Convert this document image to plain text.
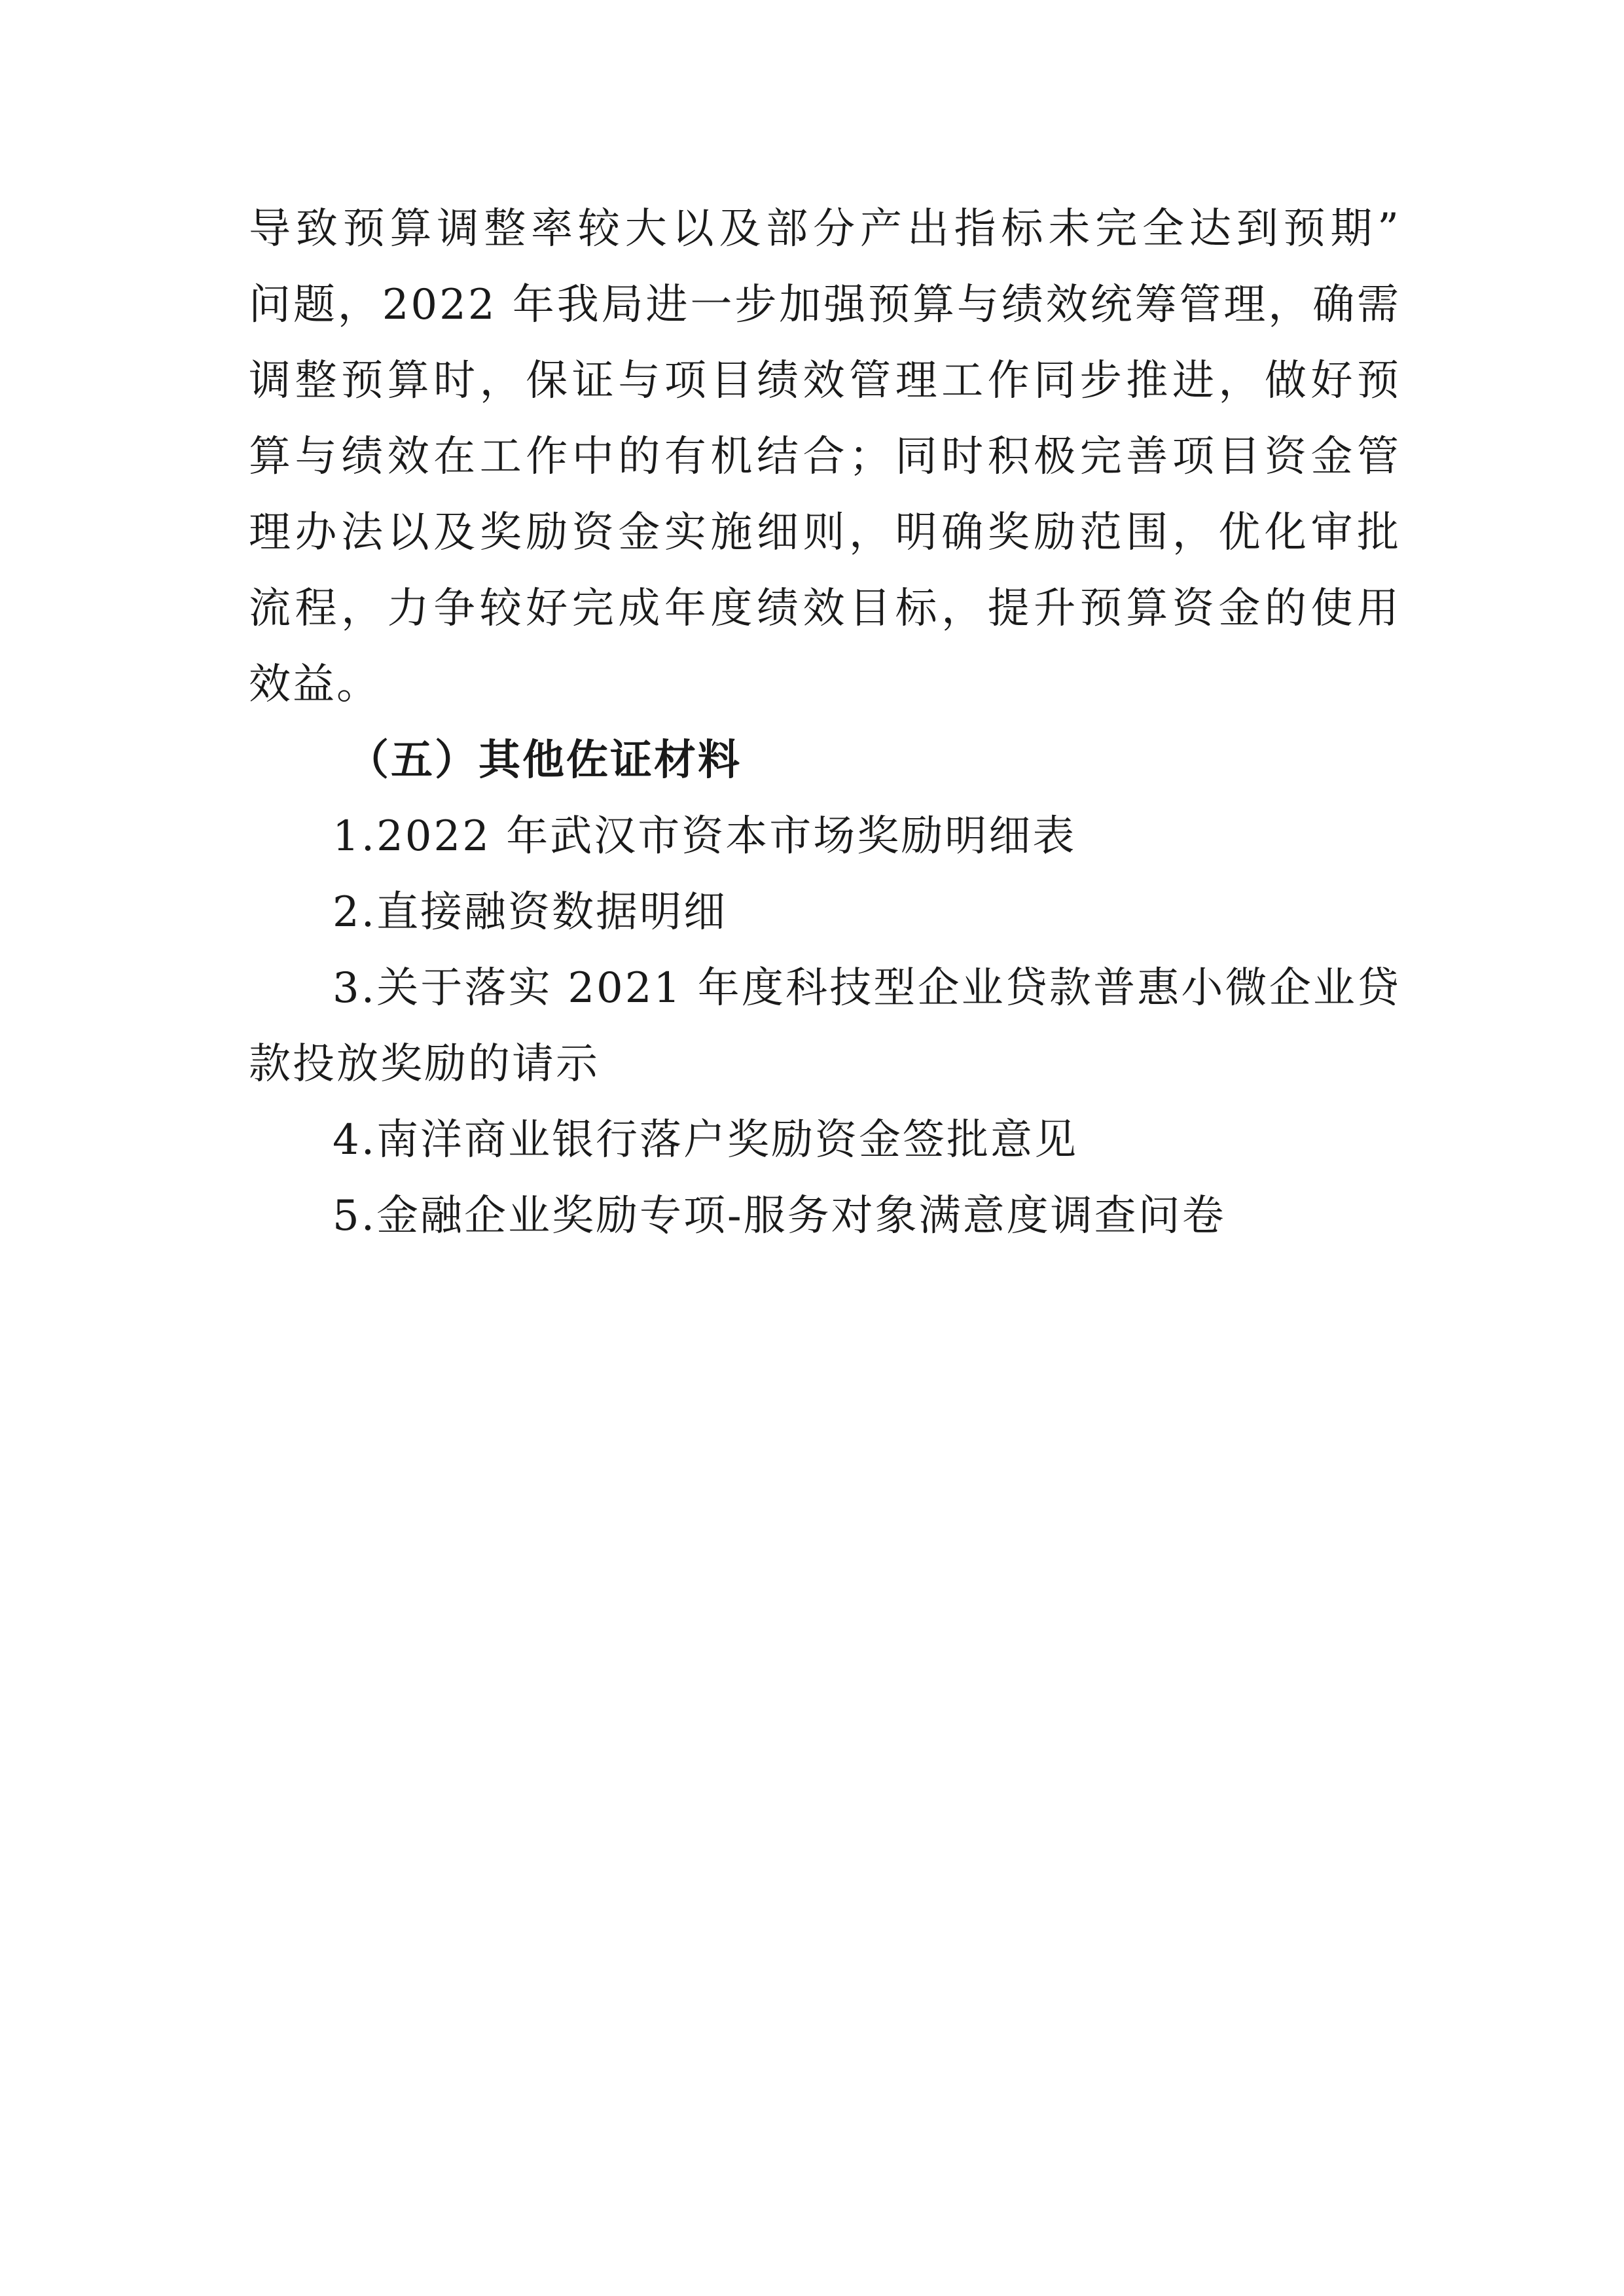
导致预算调整率较大以及部分产出指标未完全达到预期”
问题，2022 年我局进一步加强预算与绩效统筹管理，确需
调整预算时，保证与项目绩效管理工作同步推进，做好预
算与绩效在工作中的有机结合；同时积极完善项目资金管
理办法以及奖励资金实施细则，明确奖励范围，优化审批
流程，力争较好完成年度绩效目标，提升预算资金的使用
效益。
（五）其他佐证材料
1.2022 年武汉市资本市场奖励明细表
2.直接融资数据明细
3.关于落实 2021 年度科技型企业贷款普惠小微企业贷
款投放奖励的请示
4.南洋商业银行落户奖励资金签批意见
5.金融企业奖励专项-服务对象满意度调查问卷
